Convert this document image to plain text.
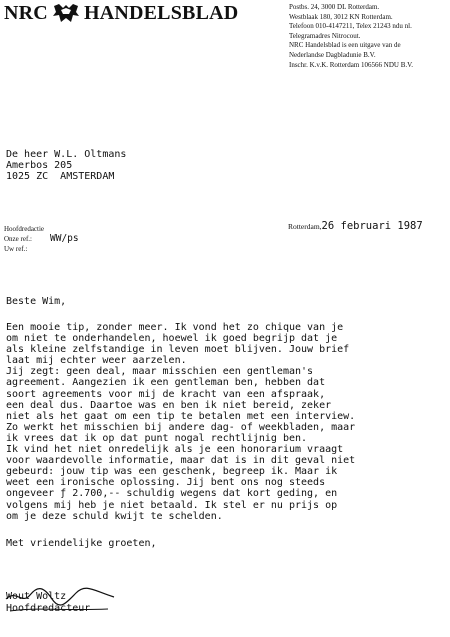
NRC HANDELSBLAD	Postbs. 24, 3000 DL Rotterdam.
Westblaak 180, 3012 KN Rotterdam.
Telefoon 010-4147211, Telex 21243 ndu nl.
Telegramadres Nitrocout.
NRC Handelsblad is een uitgave van de
Nederlandse Dagbladunie B.V.
Inschr. K.v.K. Rotterdam 106566 NDU B.V.
De heer W.L. Oltmans
Amerbos 205
1025 ZC  AMSTERDAM
Hoofdredactie
Onze ref.:	WW/ps
Uw ref.:
Rotterdam, 26 februari 1987
Beste Wim,
Een mooie tip, zonder meer. Ik vond het zo chique van je
om niet te onderhandelen, hoewel ik goed begrijp dat je
als kleine zelfstandige in leven moet blijven. Jouw brief
laat mij echter weer aarzelen.
Jij zegt: geen deal, maar misschien een gentleman's
agreement. Aangezien ik een gentleman ben, hebben dat
soort agreements voor mij de kracht van een afspraak,
een deal dus. Daartoe was en ben ik niet bereid, zeker
niet als het gaat om een tip te betalen met een interview.
Zo werkt het misschien bij andere dag- of weekbladen, maar
ik vrees dat ik op dat punt nogal rechtlijnig ben.
Ik vind het niet onredelijk als je een honorarium vraagt
voor waardevolle informatie, maar dat is in dit geval niet
gebeurd: jouw tip was een geschenk, begreep ik. Maar ik
weet een ironische oplossing. Jij bent ons nog steeds
ongeveer ƒ 2.700,-- schuldig wegens dat kort geding, en
volgens mij heb je niet betaald. Ik stel er nu prijs op
om je deze schuld kwijt te schelden.
Met vriendelijke groeten,
Wout Woltz
Hoofdredacteur
